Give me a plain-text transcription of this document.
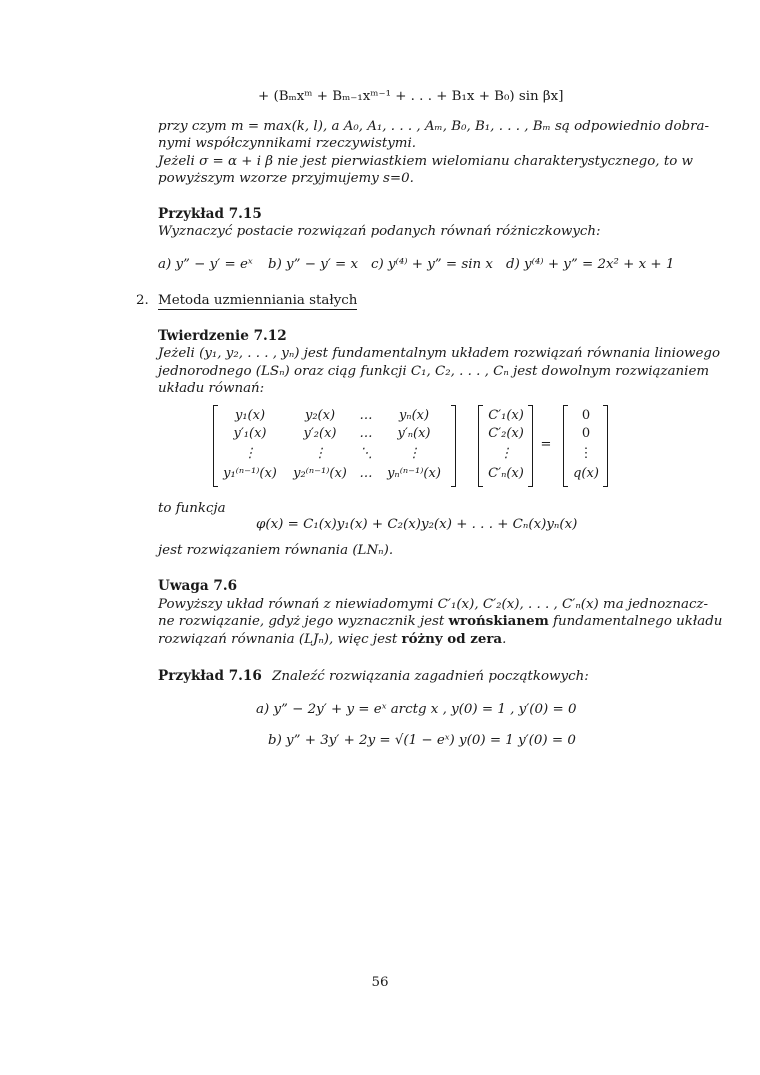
+ (Bₘxᵐ + Bₘ₋₁xᵐ⁻¹ + . . . + B₁x + B₀) sin βx]
przy czym m = max(k, l), a A₀, A₁, . . . , Aₘ, B₀, B₁, . . . , Bₘ są odpowiednio dobra-
nymi współczynnikami rzeczywistymi.
Jeżeli σ = α + i β nie jest pierwiastkiem wielomianu charakterystycznego, to w
powyższym wzorze przyjmujemy s=0.
Przykład 7.15
Wyznaczyć postacie rozwiązań podanych równań różniczkowych:
a) y” − y′ = eˣ b) y” − y′ = x c) y⁽⁴⁾ + y” = sin x d) y⁽⁴⁾ + y” = 2x² + x + 1
2. Metoda uzmienniania stałych
Twierdzenie 7.12
Jeżeli (y₁, y₂, . . . , yₙ) jest fundamentalnym układem rozwiązań równania liniowego
jednorodnego (LSₙ) oraz ciąg funkcji C₁, C₂, . . . , Cₙ jest dowolnym rozwiązaniem
układu równań:
y₁(x)	y₂(x)	…	yₙ(x)
y′₁(x)	y′₂(x)	…	y′ₙ(x)
⋮	⋮	⋱	⋮
y₁⁽ⁿ⁻¹⁾(x)	y₂⁽ⁿ⁻¹⁾(x) …	yₙ⁽ⁿ⁻¹⁾(x)
C′₁(x)
C′₂(x)
⋮
C′ₙ(x)
=
0
0
⋮
q(x)
to funkcja
φ(x) = C₁(x)y₁(x) + C₂(x)y₂(x) + . . . + Cₙ(x)yₙ(x)
jest rozwiązaniem równania (LNₙ).
Uwaga 7.6
Powyższy układ równań z niewiadomymi C′₁(x), C′₂(x), . . . , C′ₙ(x) ma jednoznacz-
ne rozwiązanie, gdyż jego wyznacznik jest wrońskianem fundamentalnego układu
rozwiązań równania (LJₙ), więc jest różny od zera.
Przykład 7.16 Znaleźć rozwiązania zagadnień początkowych:
a) y” − 2y′ + y = eˣ arctg x , y(0) = 1 , y′(0) = 0
b) y” + 3y′ + 2y = √(1 − eˣ) y(0) = 1 y′(0) = 0
56
